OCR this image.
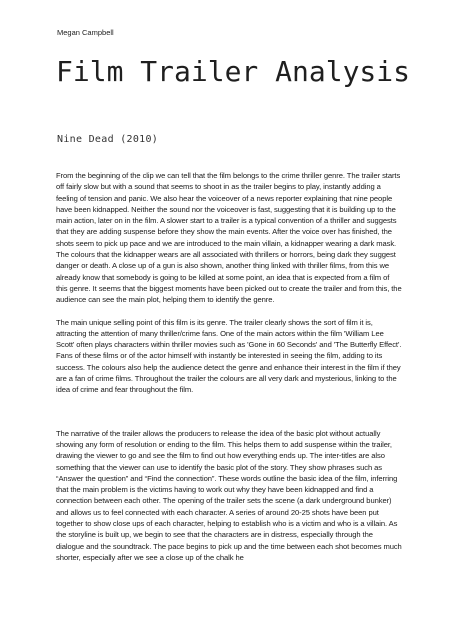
Megan Campbell
Film Trailer Analysis
Nine Dead (2010)

From the beginning of the clip we can tell that the film belongs to the crime thriller genre. The trailer starts off fairly slow but with a sound that seems to shoot in as the trailer begins to play, instantly adding a feeling of tension and panic. We also hear the voiceover of a news reporter explaining that nine people have been kidnapped. Neither the sound nor the voiceover is fast, suggesting that it is building up to the main action, later on in the film. A slower start to a trailer is a typical convention of a thriller and suggests that they are adding suspense before they show the main events. After the voice over has finished, the shots seem to pick up pace and we are introduced to the main villain, a kidnapper wearing a dark mask. The colours that the kidnapper wears are all associated with thrillers or horrors, being dark they suggest danger or death. A close up of a gun is also shown, another thing linked with thriller films, from this we already know that somebody is going to be killed at some point, an idea that is expected from a film of this genre. It seems that the biggest moments have been picked out to create the trailer and from this, the audience can see the main plot, helping them to identify the genre.

The main unique selling point of this film is its genre. The trailer clearly shows the sort of film it is, attracting the attention of many thriller/crime fans. One of the main actors within the film 'William Lee Scott' often plays characters within thriller movies such as 'Gone in 60 Seconds' and 'The Butterfly Effect'. Fans of these films or of the actor himself with instantly be interested in seeing the film, adding to its success. The colours also help the audience detect the genre and enhance their interest in the film if they are a fan of crime films. Throughout the trailer the colours are all very dark and mysterious, linking to the idea of crime and fear throughout the film.

The narrative of the trailer allows the producers to release the idea of the basic plot without actually showing any form of resolution or ending to the film. This helps them to add suspense within the trailer, drawing the viewer to go and see the film to find out how everything ends up. The inter-titles are also something that the viewer can use to identify the basic plot of the story. They show phrases such as “Answer the question” and “Find the connection”. These words outline the basic idea of the film, inferring that the main problem is the victims having to work out why they have been kidnapped and find a connection between each other. The opening of the trailer sets the scene (a dark underground bunker) and allows us to feel connected with each character. A series of around 20-25 shots have been put together to show close ups of each character, helping to establish who is a victim and who is a villain. As the storyline is built up, we begin to see that the characters are in distress, especially through the dialogue and the soundtrack. The pace begins to pick up and the time between each shot becomes much shorter, especially after we see a close up of the chalk he
